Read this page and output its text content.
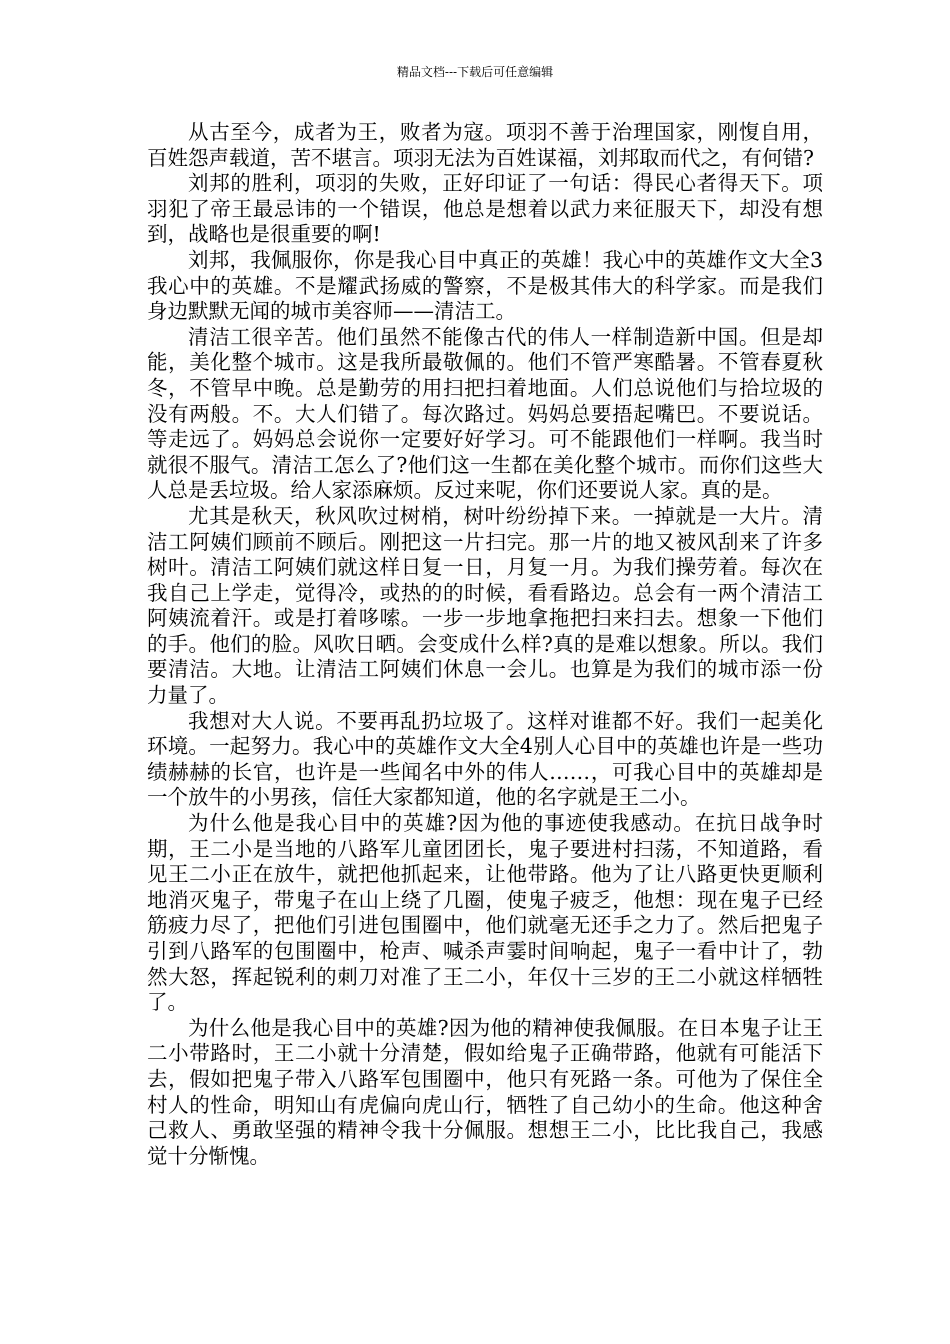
精品文档---下载后可任意编辑

从古至今，成者为王，败者为寇。项羽不善于治理国家，刚愎自用，百姓怨声载道，苦不堪言。项羽无法为百姓谋福，刘邦取而代之，有何错?

刘邦的胜利，项羽的失败，正好印证了一句话：得民心者得天下。项羽犯了帝王最忌讳的一个错误，他总是想着以武力来征服天下，却没有想到，战略也是很重要的啊!

刘邦，我佩服你，你是我心目中真正的英雄！我心中的英雄作文大全3我心中的英雄。不是耀武扬威的警察，不是极其伟大的科学家。而是我们身边默默无闻的城市美容师——清洁工。

清洁工很辛苦。他们虽然不能像古代的伟人一样制造新中国。但是却能，美化整个城市。这是我所最敬佩的。他们不管严寒酷暑。不管春夏秋冬，不管早中晚。总是勤劳的用扫把扫着地面。人们总说他们与拾垃圾的没有两般。不。大人们错了。每次路过。妈妈总要捂起嘴巴。不要说话。等走远了。妈妈总会说你一定要好好学习。可不能跟他们一样啊。我当时就很不服气。清洁工怎么了?他们这一生都在美化整个城市。而你们这些大人总是丢垃圾。给人家添麻烦。反过来呢，你们还要说人家。真的是。

尤其是秋天，秋风吹过树梢，树叶纷纷掉下来。一掉就是一大片。清洁工阿姨们顾前不顾后。刚把这一片扫完。那一片的地又被风刮来了许多树叶。清洁工阿姨们就这样日复一日，月复一月。为我们操劳着。每次在我自己上学走，觉得冷，或热的的时候，看看路边。总会有一两个清洁工阿姨流着汗。或是打着哆嗦。一步一步地拿拖把扫来扫去。想象一下他们的手。他们的脸。风吹日晒。会变成什么样?真的是难以想象。所以。我们要清洁。大地。让清洁工阿姨们休息一会儿。也算是为我们的城市添一份力量了。

我想对大人说。不要再乱扔垃圾了。这样对谁都不好。我们一起美化环境。一起努力。我心中的英雄作文大全4别人心目中的英雄也许是一些功绩赫赫的长官，也许是一些闻名中外的伟人……，可我心目中的英雄却是一个放牛的小男孩，信任大家都知道，他的名字就是王二小。

为什么他是我心目中的英雄?因为他的事迹使我感动。在抗日战争时期，王二小是当地的八路军儿童团团长，鬼子要进村扫荡，不知道路，看见王二小正在放牛，就把他抓起来，让他带路。他为了让八路更快更顺利地消灭鬼子，带鬼子在山上绕了几圈，使鬼子疲乏，他想：现在鬼子已经筋疲力尽了，把他们引进包围圈中，他们就毫无还手之力了。然后把鬼子引到八路军的包围圈中，枪声、喊杀声霎时间响起，鬼子一看中计了，勃然大怒，挥起锐利的刺刀对准了王二小，年仅十三岁的王二小就这样牺牲了。

为什么他是我心目中的英雄?因为他的精神使我佩服。在日本鬼子让王二小带路时，王二小就十分清楚，假如给鬼子正确带路，他就有可能活下去，假如把鬼子带入八路军包围圈中，他只有死路一条。可他为了保住全村人的性命，明知山有虎偏向虎山行，牺牲了自己幼小的生命。他这种舍己救人、勇敢坚强的精神令我十分佩服。想想王二小，比比我自己，我感觉十分惭愧。
